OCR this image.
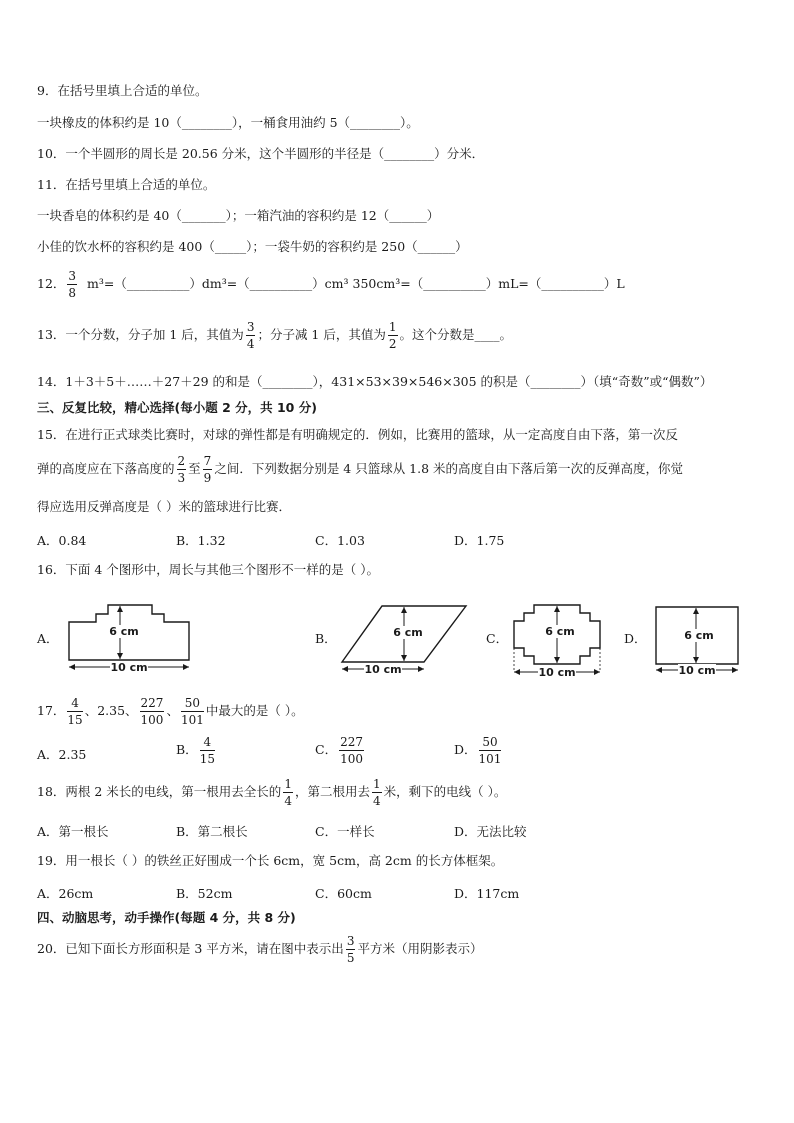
9．在括号里填上合适的单位。
一块橡皮的体积约是 10（________），一桶食用油约 5（________）。
10．一个半圆形的周长是 20.56 分米，这个半圆形的半径是（________）分米．
11．在括号里填上合适的单位。
一块香皂的体积约是 40（_______）；一箱汽油的容积约是 12（______）
小佳的饮水杯的容积约是 400（_____）；一袋牛奶的容积约是 250（______）
12． $\frac{3}{8}$ m³=（__________）dm³=（__________）cm³ 350cm³=（__________）mL=（__________）L
13．一个分数，分子加 1 后，其值为 $\frac{3}{4}$ ；分子减 1 后，其值为 $\frac{1}{2}$ 。这个分数是____。
14．1＋3＋5＋……＋27＋29 的和是（________），431×53×39×546×305 的积是（________）（填“奇数”或“偶数”）
三、反复比较，精心选择(每小题 2 分，共 10 分)
15．在进行正式球类比赛时，对球的弹性都是有明确规定的．例如，比赛用的篮球，从一定高度自由下落，第一次反
弹的高度应在下落高度的 $\frac{2}{3}$ 至 $\frac{7}{9}$ 之间．下列数据分别是 4 只篮球从 1.8 米的高度自由下落后第一次的反弹高度，你觉
得应选用反弹高度是（ ）米的篮球进行比赛．
A．0.84	B．1.32	C．1.03	D．1.75
16．下面 4 个图形中，周长与其他三个图形不一样的是（ ）。
A．	B．	C．	D．
6 cm
10 cm
6 cm
10 cm
6 cm
10 cm
6 cm
10 cm
17． $\frac{4}{15}$ 、2.35、 $\frac{227}{100}$ 、 $\frac{50}{101}$ 中最大的是（ ）。
A．2.35	B． $\frac{4}{15}$	C． $\frac{227}{100}$	D． $\frac{50}{101}$
18．两根 2 米长的电线，第一根用去全长的 $\frac{1}{4}$ ，第二根用去 $\frac{1}{4}$ 米，剩下的电线（ ）。
A．第一根长	B．第二根长	C．一样长	D．无法比较
19．用一根长（ ）的铁丝正好围成一个长 6cm，宽 5cm，高 2cm 的长方体框架。
A．26cm	B．52cm	C．60cm	D．117cm
四、动脑思考，动手操作(每题 4 分，共 8 分)
20．已知下面长方形面积是 3 平方米，请在图中表示出 $\frac{3}{5}$ 平方米（用阴影表示）
